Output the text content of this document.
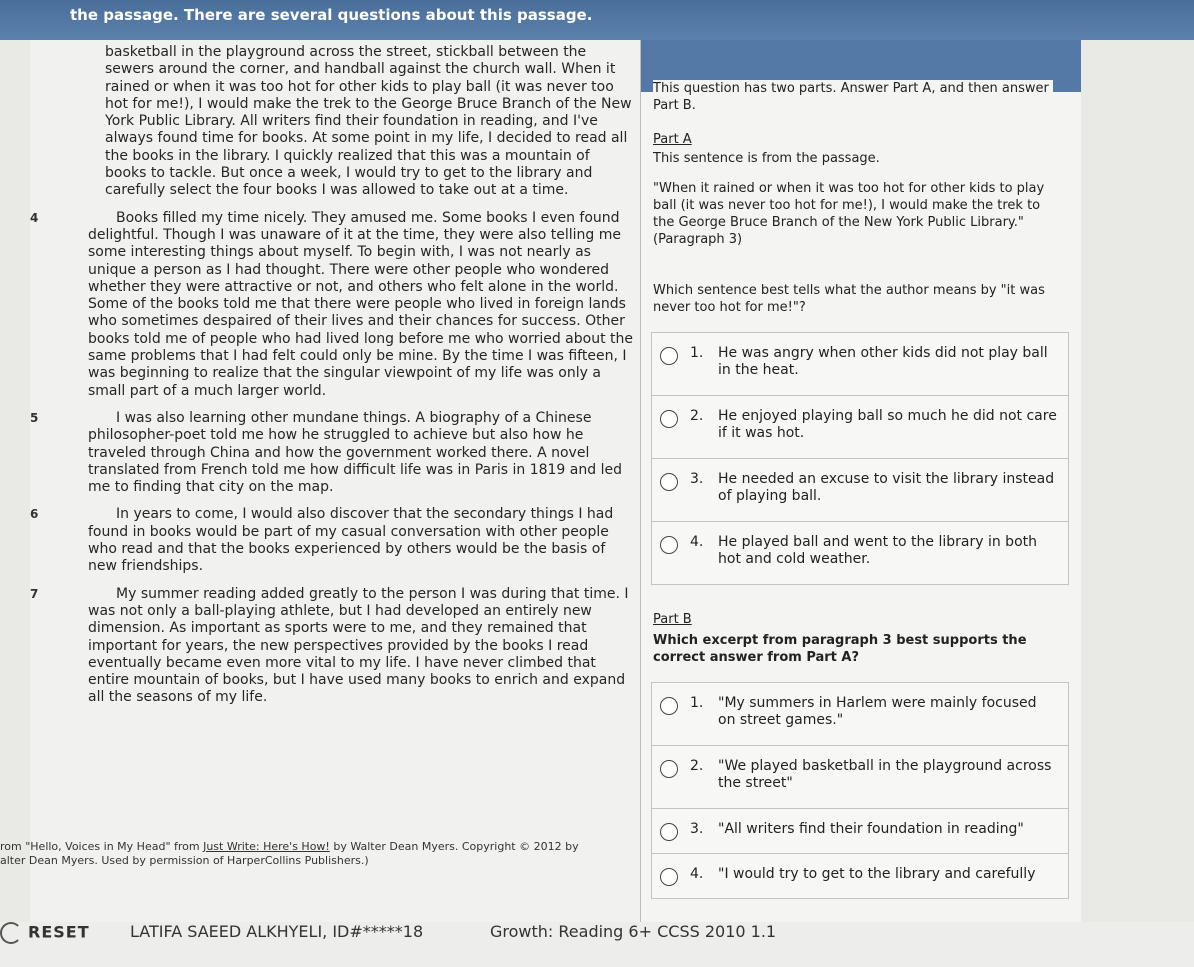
the passage. There are several questions about this passage.

basketball in the playground across the street, stickball between the sewers around the corner, and handball against the church wall. When it rained or when it was too hot for other kids to play ball (it was never too hot for me!), I would make the trek to the George Bruce Branch of the New York Public Library. All writers find their foundation in reading, and I've always found time for books. At some point in my life, I decided to read all the books in the library. I quickly realized that this was a mountain of books to tackle. But once a week, I would try to get to the library and carefully select the four books I was allowed to take out at a time.

4	Books filled my time nicely. They amused me. Some books I even found delightful. Though I was unaware of it at the time, they were also telling me some interesting things about myself. To begin with, I was not nearly as unique a person as I had thought. There were other people who wondered whether they were attractive or not, and others who felt alone in the world. Some of the books told me that there were people who lived in foreign lands who sometimes despaired of their lives and their chances for success. Other books told me of people who had lived long before me who worried about the same problems that I had felt could only be mine. By the time I was fifteen, I was beginning to realize that the singular viewpoint of my life was only a small part of a much larger world.

5	I was also learning other mundane things. A biography of a Chinese philosopher-poet told me how he struggled to achieve but also how he traveled through China and how the government worked there. A novel translated from French told me how difficult life was in Paris in 1819 and led me to finding that city on the map.

6	In years to come, I would also discover that the secondary things I had found in books would be part of my casual conversation with other people who read and that the books experienced by others would be the basis of new friendships.

7	My summer reading added greatly to the person I was during that time. I was not only a ball-playing athlete, but I had developed an entirely new dimension. As important as sports were to me, and they remained that important for years, the new perspectives provided by the books I read eventually became even more vital to my life. I have never climbed that entire mountain of books, but I have used many books to enrich and expand all the seasons of my life.

rom "Hello, Voices in My Head" from Just Write: Here's How! by Walter Dean Myers. Copyright © 2012 by
alter Dean Myers. Used by permission of HarperCollins Publishers.)
This question has two parts. Answer Part A, and then answer Part B.
Part A
This sentence is from the passage.
"When it rained or when it was too hot for other kids to play ball (it was never too hot for me!), I would make the trek to the George Bruce Branch of the New York Public Library." (Paragraph 3)
Which sentence best tells what the author means by "it was never too hot for me!"?
1. He was angry when other kids did not play ball in the heat.
2. He enjoyed playing ball so much he did not care if it was hot.
3. He needed an excuse to visit the library instead of playing ball.
4. He played ball and went to the library in both hot and cold weather.
Part B
Which excerpt from paragraph 3 best supports the correct answer from Part A?
1. "My summers in Harlem were mainly focused on street games."
2. "We played basketball in the playground across the street"
3. "All writers find their foundation in reading"
4. "I would try to get to the library and carefully
RESET	LATIFA SAEED ALKHYELI, ID#*****18	Growth: Reading 6+ CCSS 2010 1.1
